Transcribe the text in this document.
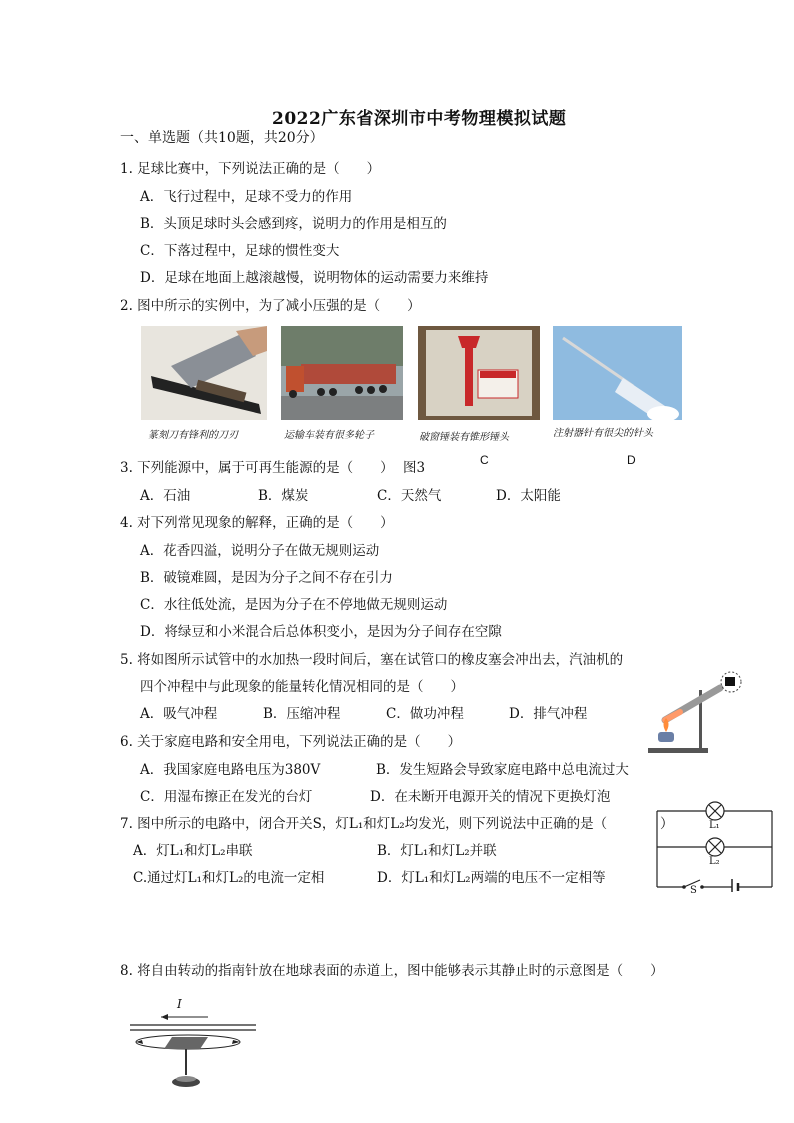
2022广东省深圳市中考物理模拟试题
一、单选题（共10题，共20分）
1. 足球比赛中，下列说法正确的是（　　）
A．飞行过程中，足球不受力的作用
B．头顶足球时头会感到疼，说明力的作用是相互的
C．下落过程中，足球的惯性变大
D．足球在地面上越滚越慢，说明物体的运动需要力来维持
2. 图中所示的实例中，为了减小压强的是（　　）
篆刻刀有锋利的刀刃	运输车装有很多轮子	破窗锤装有锥形锤头	注射器针有很尖的针头
3. 下列能源中，属于可再生能源的是（　　） 图3	C	D
A．石油	B．煤炭	C．天然气	D．太阳能
4. 对下列常见现象的解释，正确的是（　　）
A．花香四溢，说明分子在做无规则运动
B．破镜难圆，是因为分子之间不存在引力
C．水往低处流，是因为分子在不停地做无规则运动
D．将绿豆和小米混合后总体积变小，是因为分子间存在空隙
5. 将如图所示试管中的水加热一段时间后，塞在试管口的橡皮塞会冲出去，汽油机的
四个冲程中与此现象的能量转化情况相同的是（　　）
A．吸气冲程	B．压缩冲程	C．做功冲程	D．排气冲程
6. 关于家庭电路和安全用电，下列说法正确的是（　　）
A．我国家庭电路电压为380V	B．发生短路会导致家庭电路中总电流过大
C．用湿布擦正在发光的台灯	D．在未断开电源开关的情况下更换灯泡
7. 图中所示的电路中，闭合开关S，灯L₁和灯L₂均发光，则下列说法中正确的是（	）
A．灯L₁和灯L₂串联	B．灯L₁和灯L₂并联
C.通过灯L₁和灯L₂的电流一定相	D．灯L₁和灯L₂两端的电压不一定相等
L₁
L₂
S
8. 将自由转动的指南针放在地球表面的赤道上，图中能够表示其静止时的示意图是（　　）
I
